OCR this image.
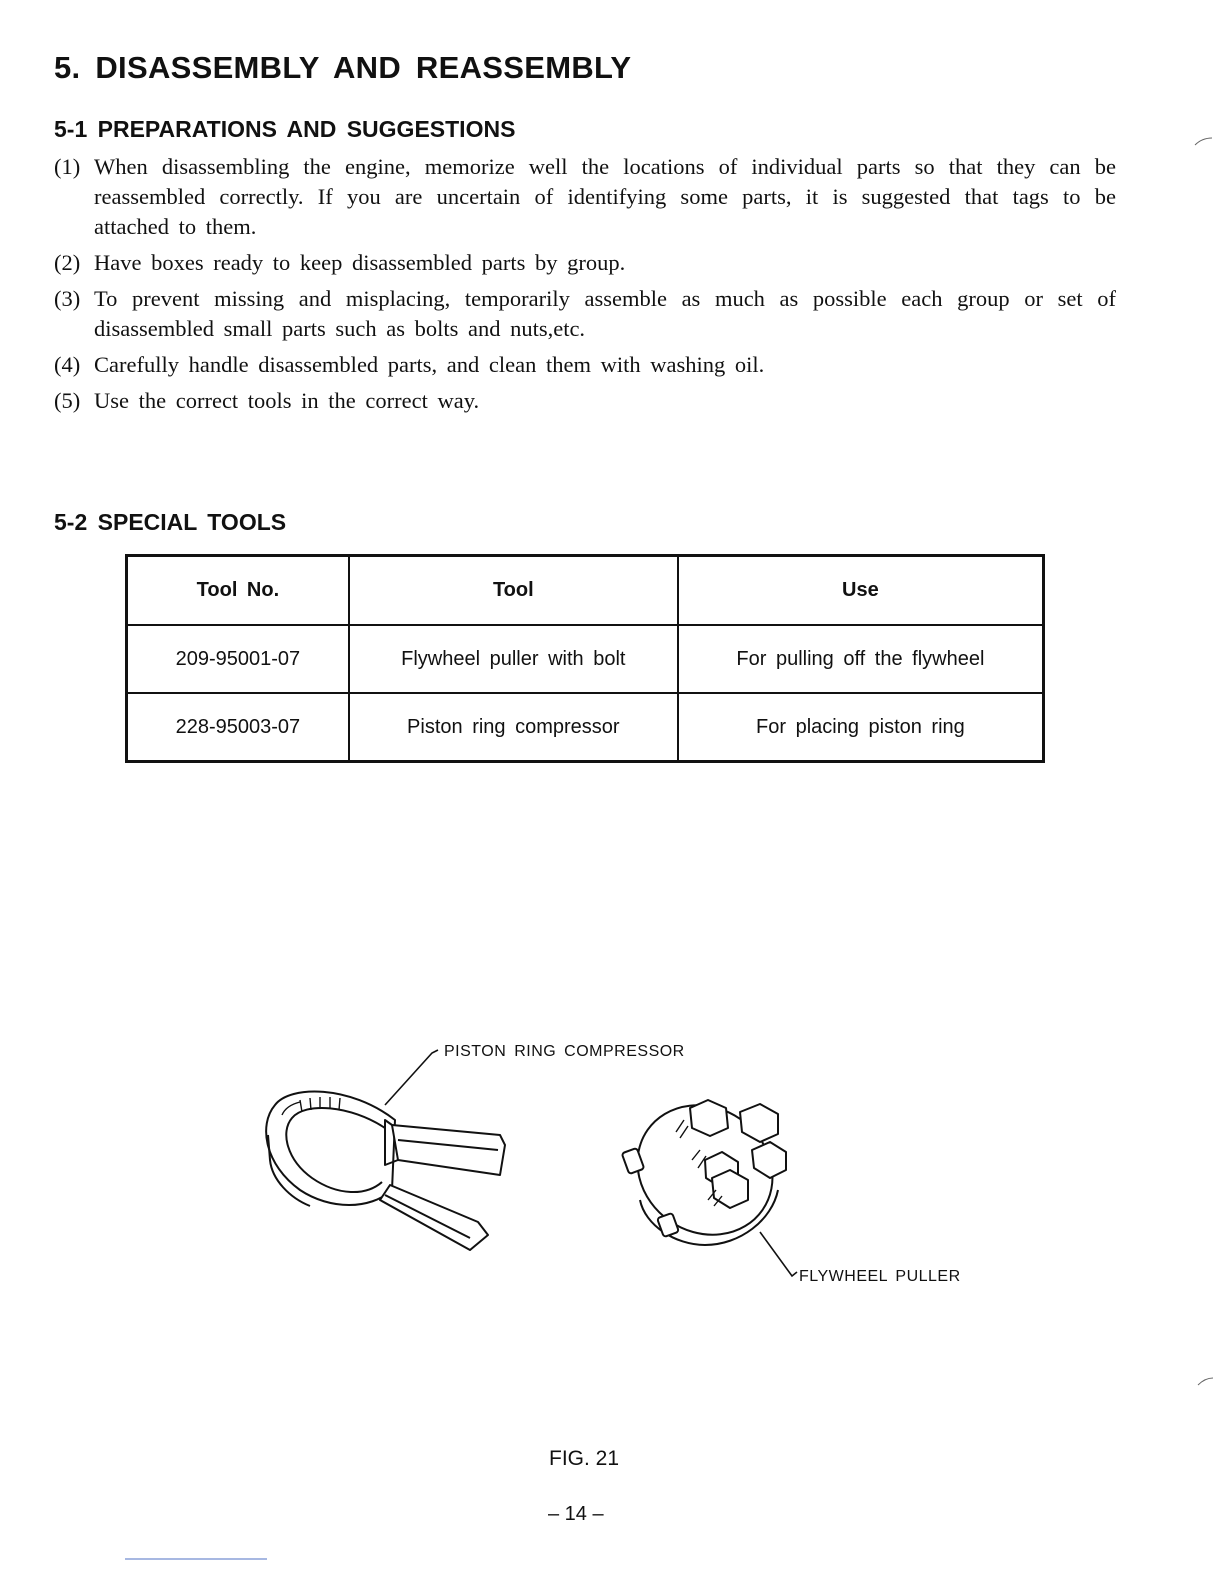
5. DISASSEMBLY AND REASSEMBLY
5-1 PREPARATIONS AND SUGGESTIONS
(1) When disassembling the engine, memorize well the locations of individual parts so that they can be reassembled correctly. If you are uncertain of identifying some parts, it is suggested that tags to be attached to them.
(2) Have boxes ready to keep disassembled parts by group.
(3) To prevent missing and misplacing, temporarily assemble as much as possible each group or set of disassembled small parts such as bolts and nuts,etc.
(4) Carefully handle disassembled parts, and clean them with washing oil.
(5) Use the correct tools in the correct way.
5-2 SPECIAL TOOLS
Tool No.	Tool	Use
209-95001-07	Flywheel puller with bolt	For pulling off the flywheel
228-95003-07	Piston ring compressor	For placing piston ring
PISTON RING COMPRESSOR
FLYWHEEL PULLER
FIG. 21
– 14 –
